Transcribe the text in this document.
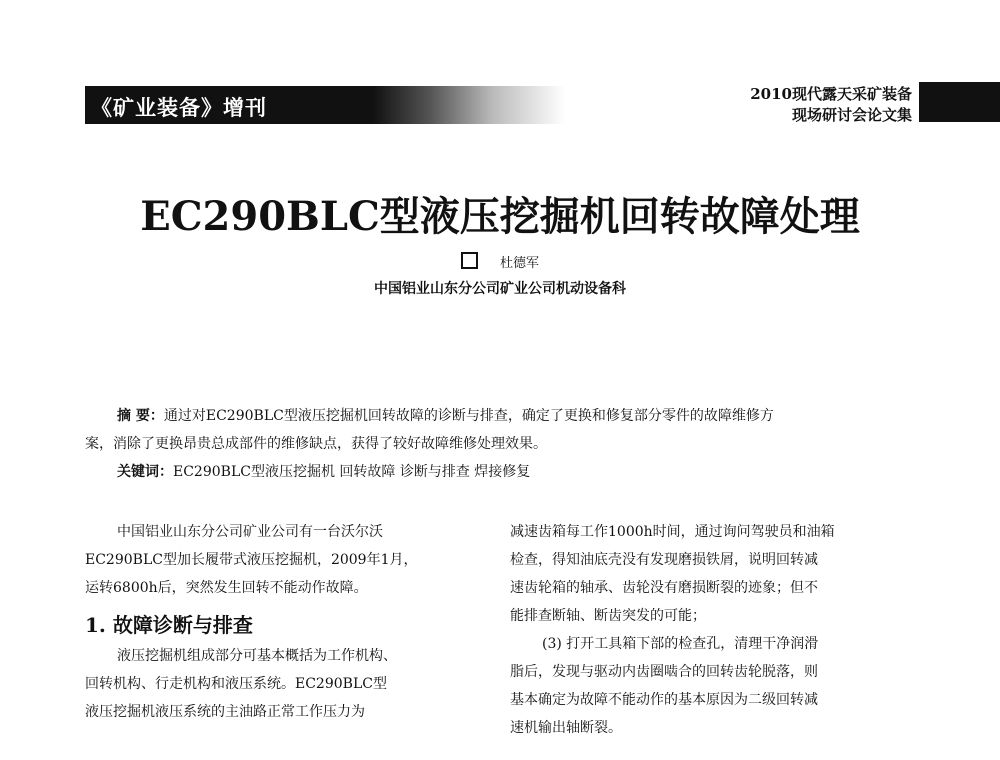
《矿业装备》增刊
2010现代露天采矿装备
现场研讨会论文集
EC290BLC型液压挖掘机回转故障处理
杜德军
中国铝业山东分公司矿业公司机动设备科

摘 要：通过对EC290BLC型液压挖掘机回转故障的诊断与排查，确定了更换和修复部分零件的故障维修方

案，消除了更换昂贵总成部件的维修缺点，获得了较好故障维修处理效果。

关键词：EC290BLC型液压挖掘机 回转故障 诊断与排查 焊接修复

中国铝业山东分公司矿业公司有一台沃尔沃

EC290BLC型加长履带式液压挖掘机，2009年1月，

运转6800h后，突然发生回转不能动作故障。

1. 故障诊断与排查

液压挖掘机组成部分可基本概括为工作机构、

回转机构、行走机构和液压系统。EC290BLC型

液压挖掘机液压系统的主油路正常工作压力为

减速齿箱每工作1000h时间，通过询问驾驶员和油箱

检查，得知油底壳没有发现磨损铁屑，说明回转减

速齿轮箱的轴承、齿轮没有磨损断裂的迹象；但不

能排查断轴、断齿突发的可能；

(3) 打开工具箱下部的检查孔，清理干净润滑

脂后，发现与驱动内齿圈啮合的回转齿轮脱落，则

基本确定为故障不能动作的基本原因为二级回转减

速机输出轴断裂。
